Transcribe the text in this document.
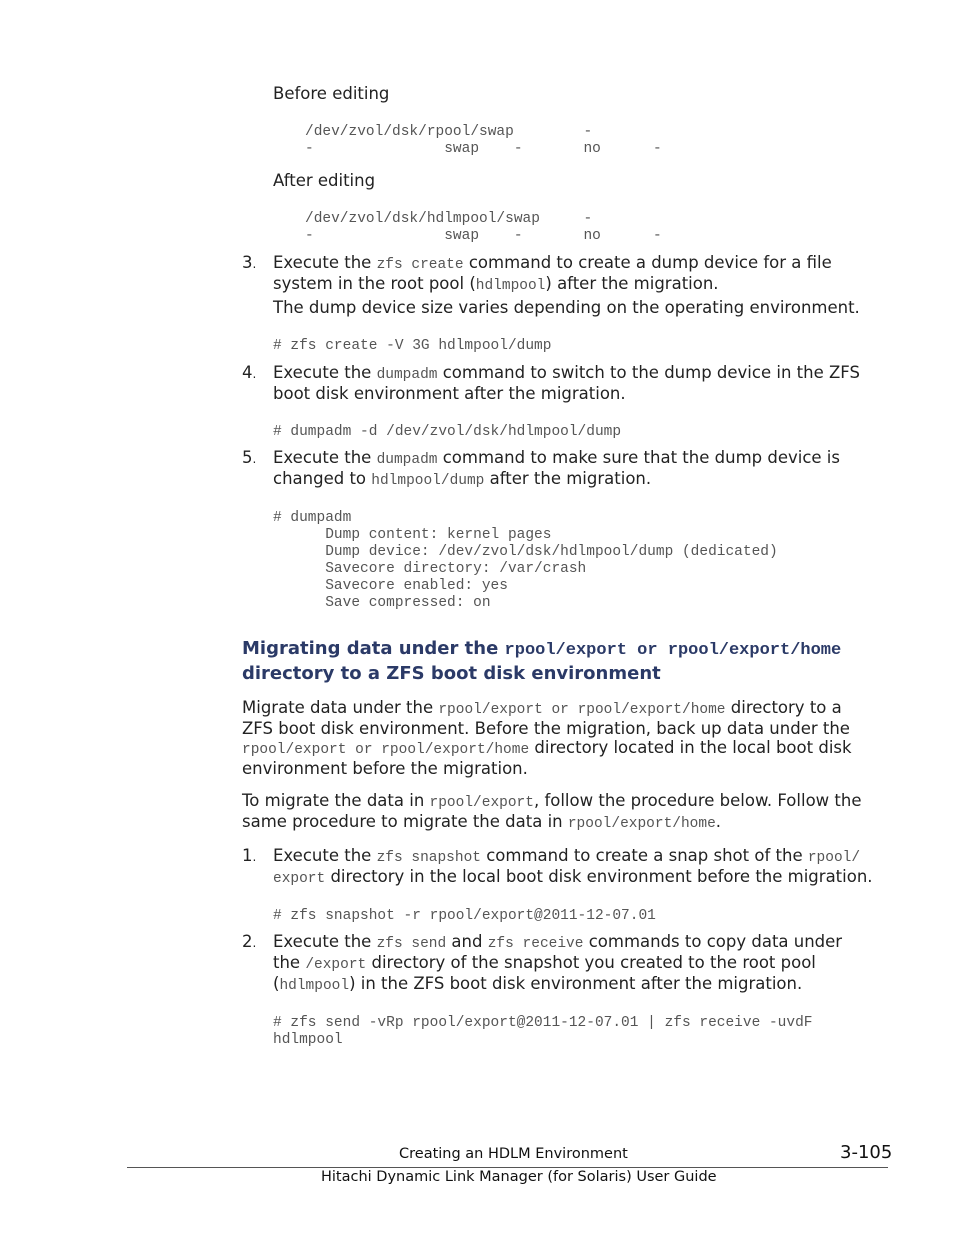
Before editing
/dev/zvol/dsk/rpool/swap        -
-               swap    -       no      -
After editing
/dev/zvol/dsk/hdlmpool/swap     -
-               swap    -       no      -
3. Execute the zfs create command to create a dump device for a file
system in the root pool (hdlmpool) after the migration.
The dump device size varies depending on the operating environment.
# zfs create -V 3G hdlmpool/dump
4. Execute the dumpadm command to switch to the dump device in the ZFS
boot disk environment after the migration.
# dumpadm -d /dev/zvol/dsk/hdlmpool/dump
5. Execute the dumpadm command to make sure that the dump device is
changed to hdlmpool/dump after the migration.
# dumpadm
Dump content: kernel pages
Dump device: /dev/zvol/dsk/hdlmpool/dump (dedicated)
Savecore directory: /var/crash
Savecore enabled: yes
Save compressed: on
Migrating data under the rpool/export or rpool/export/home
directory to a ZFS boot disk environment
Migrate data under the rpool/export or rpool/export/home directory to a
ZFS boot disk environment. Before the migration, back up data under the
rpool/export or rpool/export/home directory located in the local boot disk
environment before the migration.
To migrate the data in rpool/export, follow the procedure below. Follow the
same procedure to migrate the data in rpool/export/home.
1. Execute the zfs snapshot command to create a snap shot of the rpool/
export directory in the local boot disk environment before the migration.
# zfs snapshot -r rpool/export@2011-12-07.01
2. Execute the zfs send and zfs receive commands to copy data under
the /export directory of the snapshot you created to the root pool
(hdlmpool) in the ZFS boot disk environment after the migration.
# zfs send -vRp rpool/export@2011-12-07.01 | zfs receive -uvdF
hdlmpool
Creating an HDLM Environment	3-105
Hitachi Dynamic Link Manager (for Solaris) User Guide
